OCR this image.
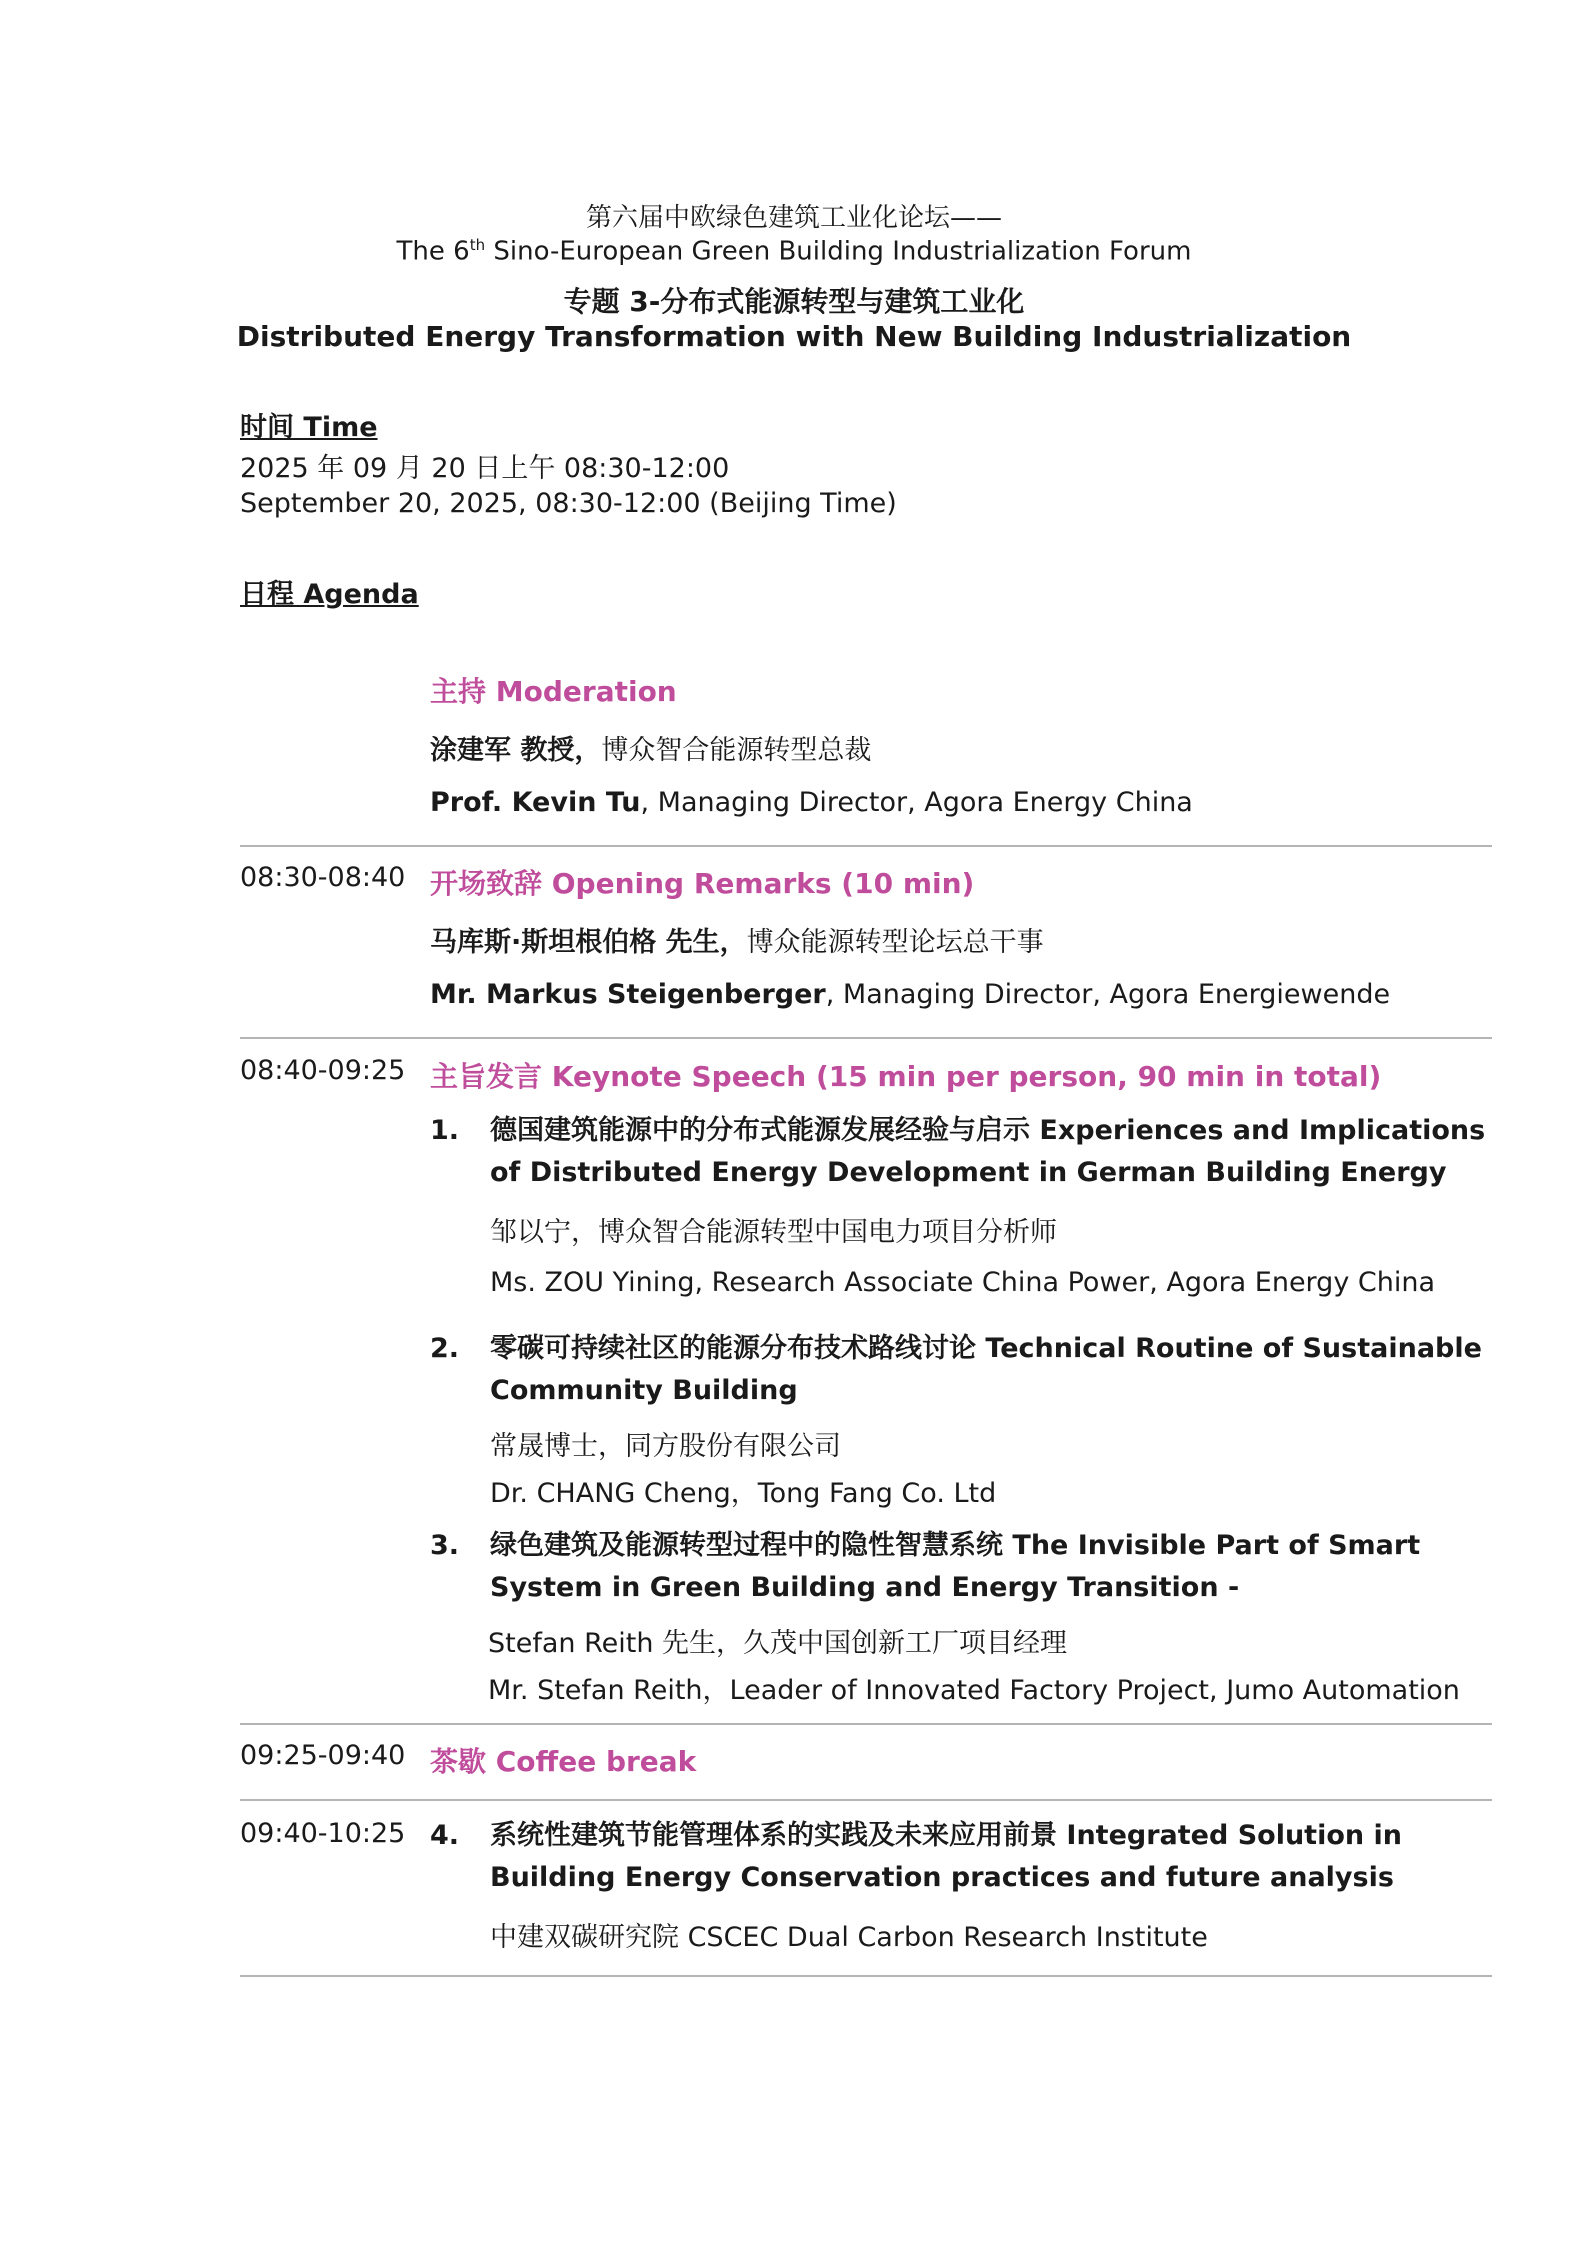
第六届中欧绿色建筑工业化论坛——
The 6th Sino-European Green Building Industrialization Forum
专题 3-分布式能源转型与建筑工业化
Distributed Energy Transformation with New Building Industrialization
时间 Time
2025 年 09 月 20 日上午 08:30-12:00
September 20, 2025, 08:30-12:00 (Beijing Time)
日程 Agenda
主持 Moderation
涂建军 教授，博众智合能源转型总裁
Prof. Kevin Tu, Managing Director, Agora Energy China
08:30-08:40 开场致辞 Opening Remarks (10 min)
马库斯·斯坦根伯格 先生，博众能源转型论坛总干事
Mr. Markus Steigenberger, Managing Director, Agora Energiewende
08:40-09:25 主旨发言 Keynote Speech (15 min per person, 90 min in total)
1. 德国建筑能源中的分布式能源发展经验与启示 Experiences and Implications of Distributed Energy Development in German Building Energy
邹以宁，博众智合能源转型中国电力项目分析师
Ms. ZOU Yining, Research Associate China Power, Agora Energy China
2. 零碳可持续社区的能源分布技术路线讨论 Technical Routine of Sustainable Community Building
常晟博士，同方股份有限公司
Dr. CHANG Cheng，Tong Fang Co. Ltd
3. 绿色建筑及能源转型过程中的隐性智慧系统 The Invisible Part of Smart System in Green Building and Energy Transition -
Stefan Reith 先生，久茂中国创新工厂项目经理
Mr. Stefan Reith，Leader of Innovated Factory Project, Jumo Automation
09:25-09:40 茶歇 Coffee break
09:40-10:25 4. 系统性建筑节能管理体系的实践及未来应用前景 Integrated Solution in Building Energy Conservation practices and future analysis
中建双碳研究院 CSCEC Dual Carbon Research Institute
